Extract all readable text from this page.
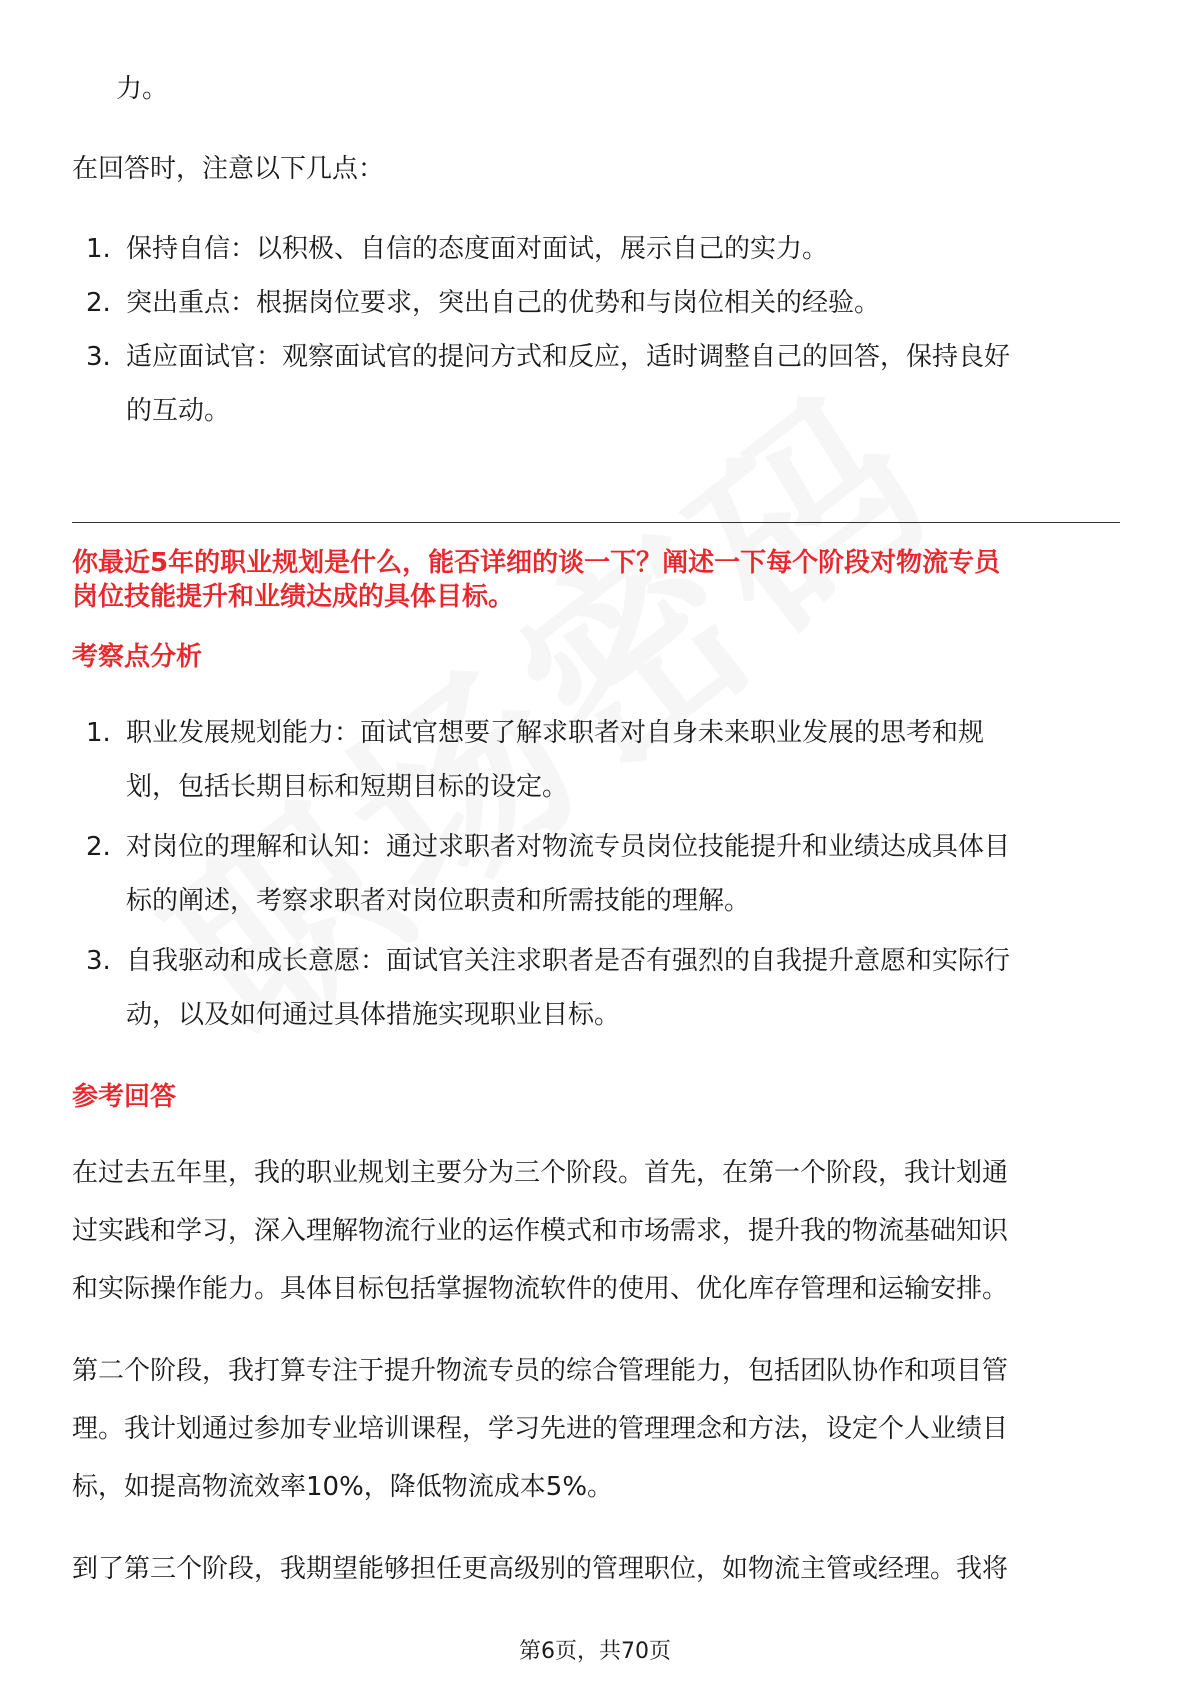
力。
在回答时，注意以下几点：
1. 保持自信：以积极、自信的态度面对面试，展示自己的实力。
2. 突出重点：根据岗位要求，突出自己的优势和与岗位相关的经验。
3. 适应面试官：观察面试官的提问方式和反应，适时调整自己的回答，保持良好
的互动。
你最近5年的职业规划是什么，能否详细的谈一下？阐述一下每个阶段对物流专员
岗位技能提升和业绩达成的具体目标。
考察点分析
1. 职业发展规划能力：面试官想要了解求职者对自身未来职业发展的思考和规
划，包括长期目标和短期目标的设定。
2. 对岗位的理解和认知：通过求职者对物流专员岗位技能提升和业绩达成具体目
标的阐述，考察求职者对岗位职责和所需技能的理解。
3. 自我驱动和成长意愿：面试官关注求职者是否有强烈的自我提升意愿和实际行
动，以及如何通过具体措施实现职业目标。
参考回答
在过去五年里，我的职业规划主要分为三个阶段。首先，在第一个阶段，我计划通
过实践和学习，深入理解物流行业的运作模式和市场需求，提升我的物流基础知识
和实际操作能力。具体目标包括掌握物流软件的使用、优化库存管理和运输安排。
第二个阶段，我打算专注于提升物流专员的综合管理能力，包括团队协作和项目管
理。我计划通过参加专业培训课程，学习先进的管理理念和方法，设定个人业绩目
标，如提高物流效率10%，降低物流成本5%。
到了第三个阶段，我期望能够担任更高级别的管理职位，如物流主管或经理。我将
第6页，共70页
